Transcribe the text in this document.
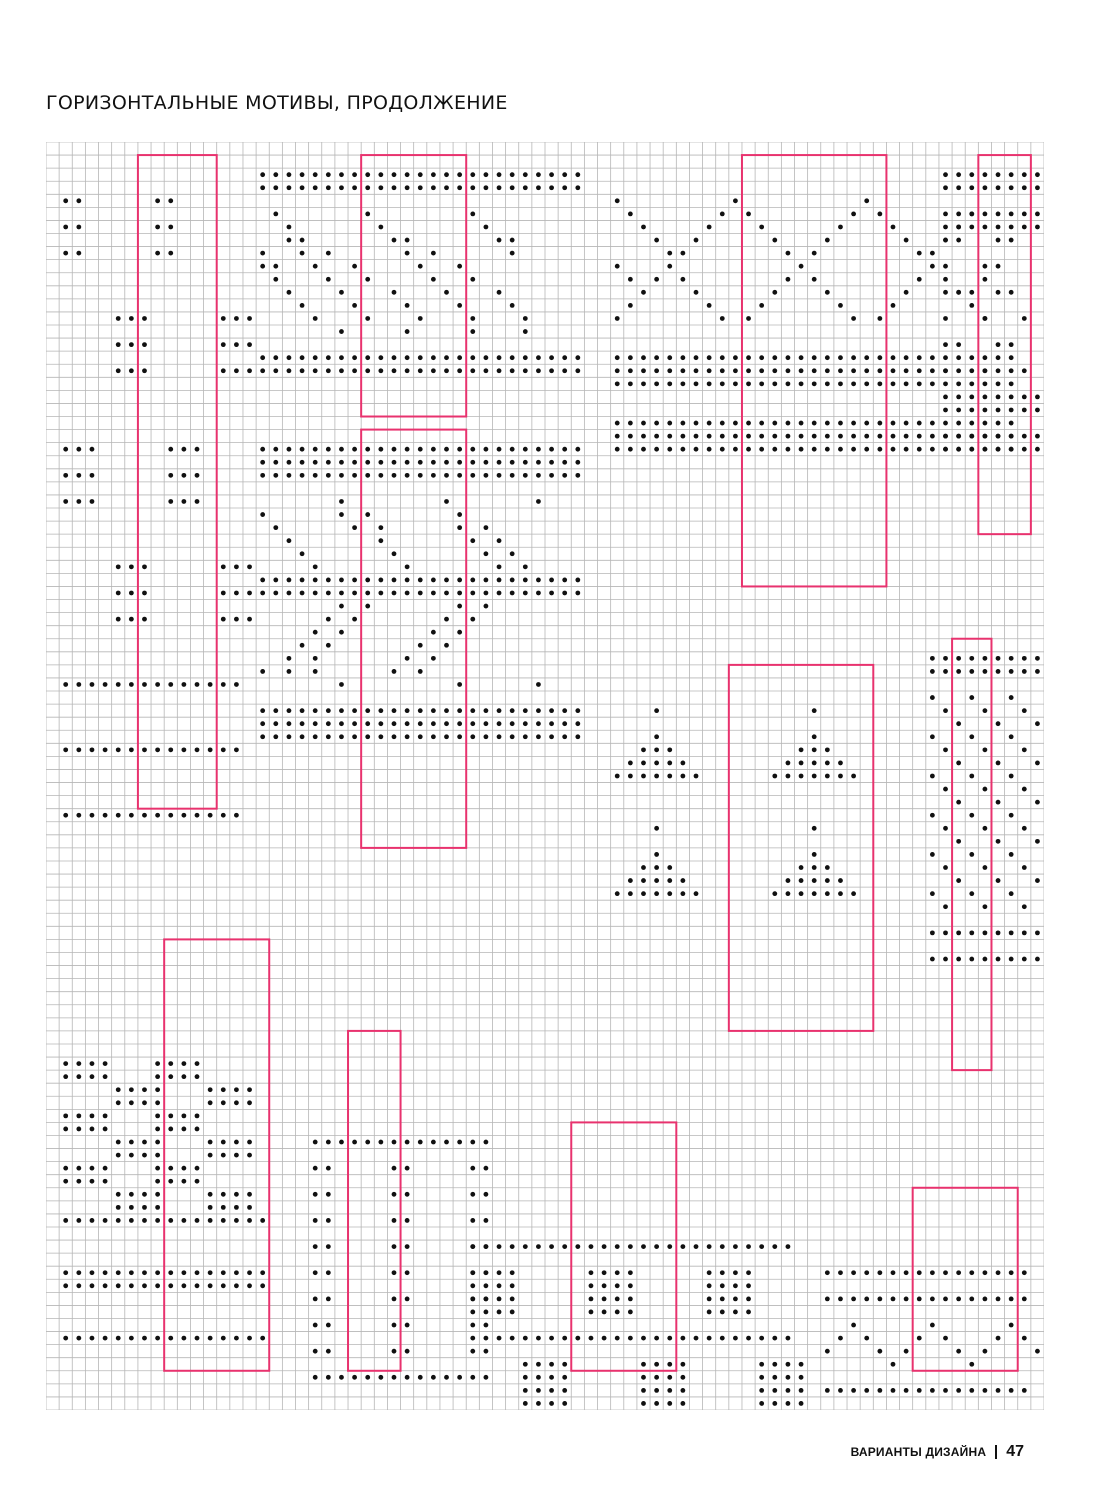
ГОРИЗОНТАЛЬНЫЕ МОТИВЫ, ПРОДОЛЖЕНИЕ
ВАРИАНТЫ ДИЗАЙНА 47
